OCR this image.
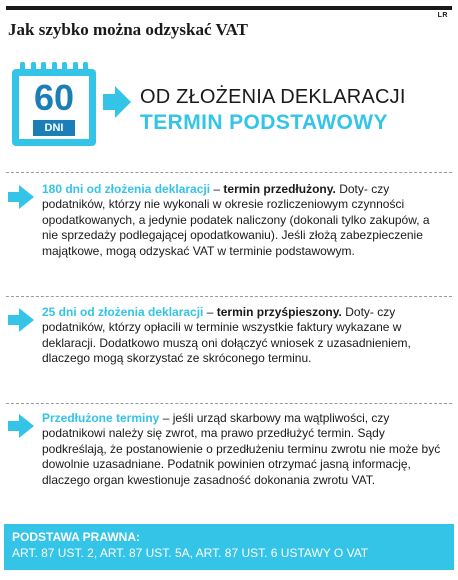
LR
Jak szybko można odzyskać VAT
60
DNI
OD ZŁOŻENIA DEKLARACJI
TERMIN PODSTAWOWY
180 dni od złożenia deklaracji – termin przedłużony. Doty- czy podatników, którzy nie wykonali w okresie rozliczeniowym czynności opodatkowanych, a jedynie podatek naliczony (dokonali tylko zakupów, a nie sprzedaży podlegającej opodatkowaniu). Jeśli złożą zabezpieczenie majątkowe, mogą odzyskać VAT w terminie podstawowym.
25 dni od złożenia deklaracji – termin przyśpieszony. Doty- czy podatników, którzy opłacili w terminie wszystkie faktury wykazane w deklaracji. Dodatkowo muszą oni dołączyć wniosek z uzasadnieniem, dlaczego mogą skorzystać ze skróconego terminu.
Przedłużone terminy – jeśli urząd skarbowy ma wątpliwości, czy podatnikowi należy się zwrot, ma prawo przedłużyć termin. Sądy podkreślają, że postanowienie o przedłużeniu terminu zwrotu nie może być dowolnie uzasadniane. Podatnik powinien otrzymać jasną informację, dlaczego organ kwestionuje zasadność dokonania zwrotu VAT.
PODSTAWA PRAWNA:
ART. 87 UST. 2, ART. 87 UST. 5A, ART. 87 UST. 6 USTAWY O VAT
